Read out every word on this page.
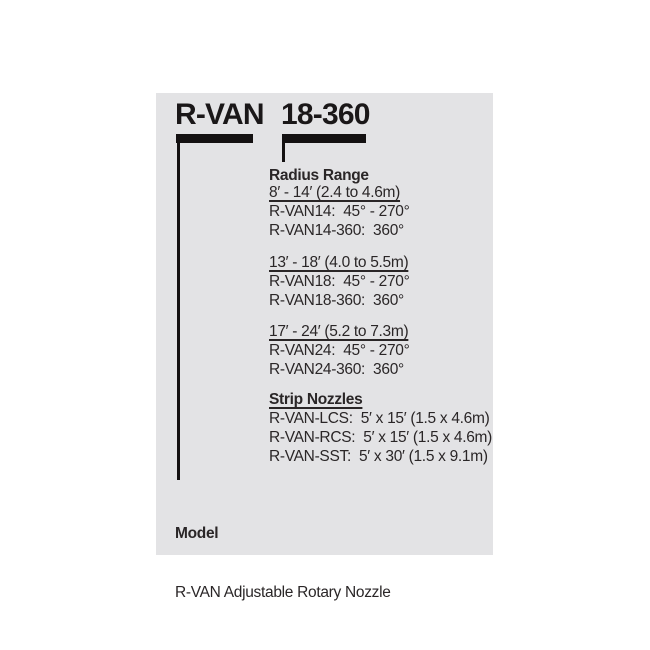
R-VAN 18-360
Radius Range
8′ - 14′ (2.4 to 4.6m)
R-VAN14:  45° - 270°
R-VAN14-360:  360°
13′ - 18′ (4.0 to 5.5m)
R-VAN18:  45° - 270°
R-VAN18-360:  360°
17′ - 24′ (5.2 to 7.3m)
R-VAN24:  45° - 270°
R-VAN24-360:  360°
Strip Nozzles
R-VAN-LCS:  5′ x 15′ (1.5 x 4.6m)
R-VAN-RCS:  5′ x 15′ (1.5 x 4.6m)
R-VAN-SST:  5′ x 30′ (1.5 x 9.1m)

Model

R-VAN Adjustable Rotary Nozzle
